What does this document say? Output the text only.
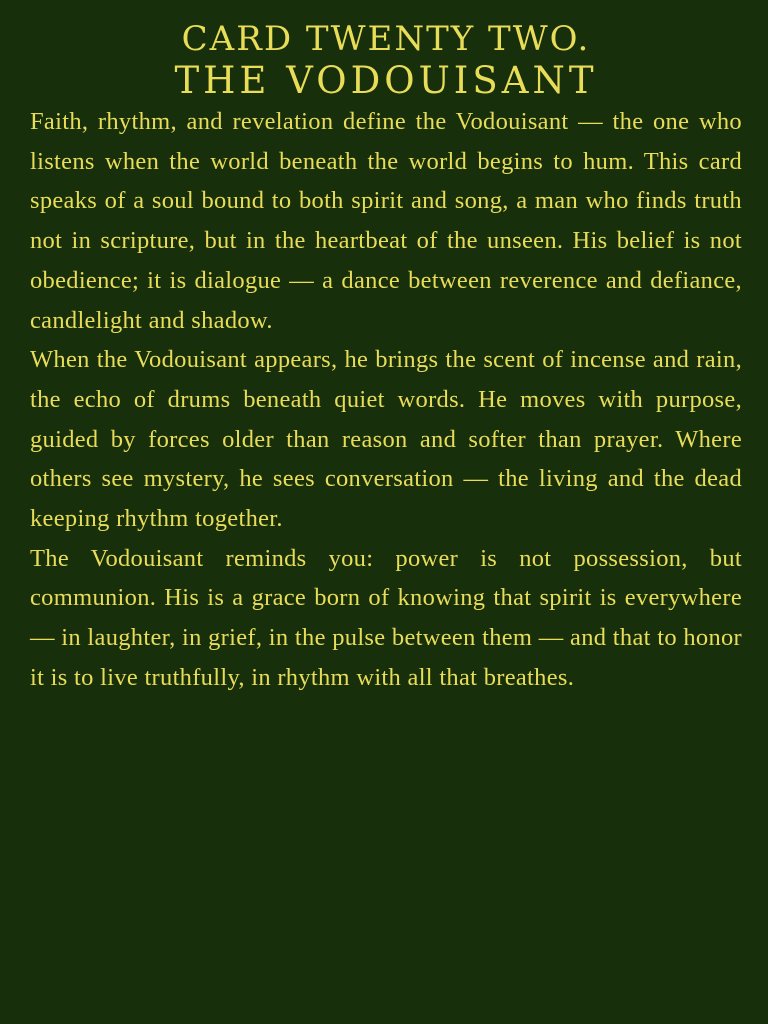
CARD TWENTY TWO.
THE VODOUISANT

Faith, rhythm, and revelation define the Vodouisant — the one who listens when the world beneath the world begins to hum. This card speaks of a soul bound to both spirit and song, a man who finds truth not in scripture, but in the heartbeat of the unseen. His belief is not obedience; it is dialogue — a dance between reverence and defiance, candlelight and shadow.

When the Vodouisant appears, he brings the scent of incense and rain, the echo of drums beneath quiet words. He moves with purpose, guided by forces older than reason and softer than prayer. Where others see mystery, he sees conversation — the living and the dead keeping rhythm together.

The Vodouisant reminds you: power is not possession, but communion. His is a grace born of knowing that spirit is everywhere — in laughter, in grief, in the pulse between them — and that to honor it is to live truthfully, in rhythm with all that breathes.
